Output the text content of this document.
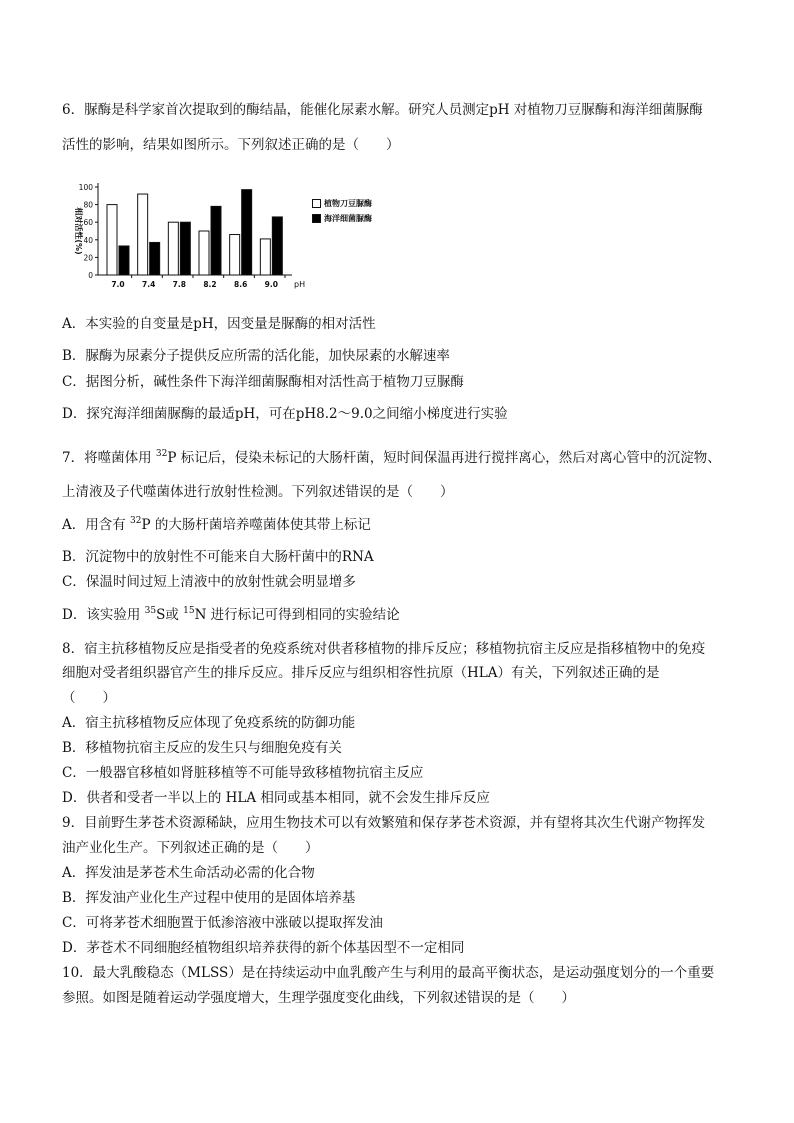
6．脲酶是科学家首次提取到的酶结晶，能催化尿素水解。研究人员测定pH 对植物刀豆脲酶和海洋细菌脲酶
活性的影响，结果如图所示。下列叙述正确的是（　　）
相对活性(%)
0
20
40
60
80
100
7.0 7.4 7.8 8.2 8.6 9.0 pH
A．本实验的自变量是pH，因变量是脲酶的相对活性
B．脲酶为尿素分子提供反应所需的活化能，加快尿素的水解速率
C．据图分析，碱性条件下海洋细菌脲酶相对活性高于植物刀豆脲酶
D．探究海洋细菌脲酶的最适pH，可在pH8.2～9.0之间缩小梯度进行实验
7．将噬菌体用 $^{32}$P 标记后，侵染未标记的大肠杆菌，短时间保温再进行搅拌离心，然后对离心管中的沉淀物、
上清液及子代噬菌体进行放射性检测。下列叙述错误的是（　　）
A．用含有 $^{32}$P 的大肠杆菌培养噬菌体使其带上标记
B．沉淀物中的放射性不可能来自大肠杆菌中的RNA
C．保温时间过短上清液中的放射性就会明显增多
D．该实验用 $^{35}$S或 $^{15}$N 进行标记可得到相同的实验结论
8．宿主抗移植物反应是指受者的免疫系统对供者移植物的排斥反应；移植物抗宿主反应是指移植物中的免疫
细胞对受者组织器官产生的排斥反应。排斥反应与组织相容性抗原（HLA）有关，下列叙述正确的是
（　　）
A．宿主抗移植物反应体现了免疫系统的防御功能
B．移植物抗宿主反应的发生只与细胞免疫有关
C．一般器官移植如肾脏移植等不可能导致移植物抗宿主反应
D．供者和受者一半以上的 HLA 相同或基本相同，就不会发生排斥反应
9．目前野生茅苍术资源稀缺，应用生物技术可以有效繁殖和保存茅苍术资源，并有望将其次生代谢产物挥发
油产业化生产。下列叙述正确的是（　　）
A．挥发油是茅苍术生命活动必需的化合物
B．挥发油产业化生产过程中使用的是固体培养基
C．可将茅苍术细胞置于低渗溶液中涨破以提取挥发油
D．茅苍术不同细胞经植物组织培养获得的新个体基因型不一定相同
10．最大乳酸稳态（MLSS）是在持续运动中血乳酸产生与利用的最高平衡状态，是运动强度划分的一个重要
参照。如图是随着运动学强度增大，生理学强度变化曲线，下列叙述错误的是（　　）
植物刀豆脲酶
海洋细菌脲酶
